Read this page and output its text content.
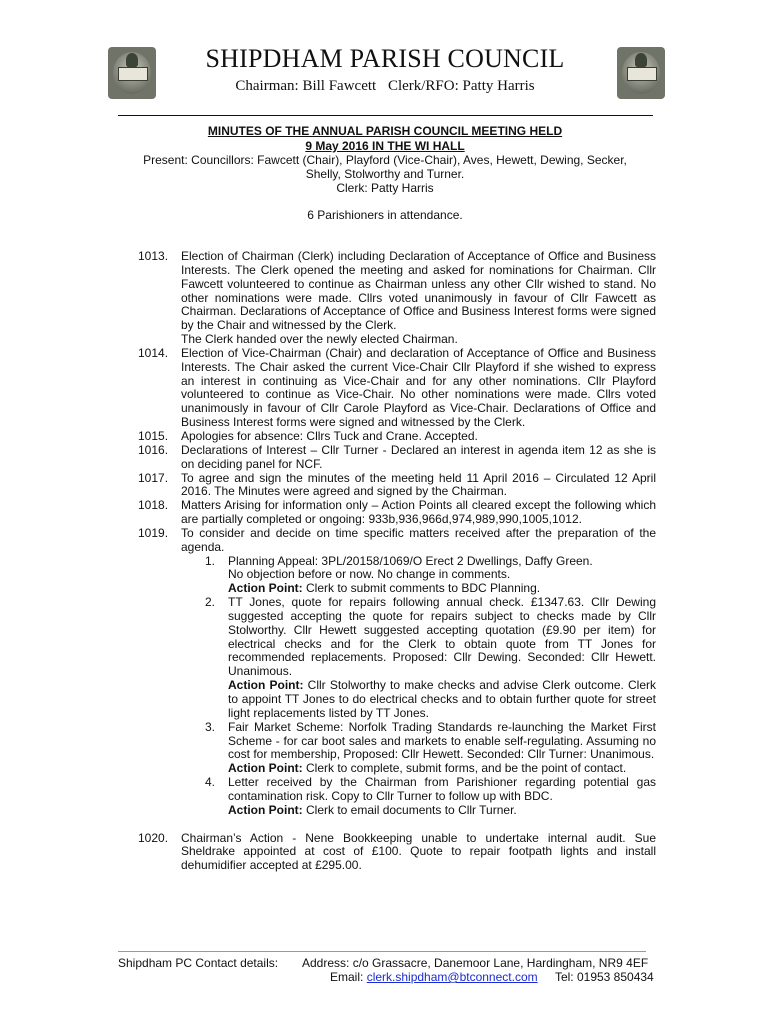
SHIPDHAM PARISH COUNCIL
Chairman: Bill Fawcett Clerk/RFO: Patty Harris
MINUTES OF THE ANNUAL PARISH COUNCIL MEETING HELD
9 May 2016 IN THE WI HALL
Present: Councillors: Fawcett (Chair), Playford (Vice-Chair), Aves, Hewett, Dewing, Secker,
Shelly, Stolworthy and Turner.
Clerk: Patty Harris
6 Parishioners in attendance.
1013. Election of Chairman (Clerk) including Declaration of Acceptance of Office and Business Interests. The Clerk opened the meeting and asked for nominations for Chairman. Cllr Fawcett volunteered to continue as Chairman unless any other Cllr wished to stand. No other nominations were made. Cllrs voted unanimously in favour of Cllr Fawcett as Chairman. Declarations of Acceptance of Office and Business Interest forms were signed by the Chair and witnessed by the Clerk.

The Clerk handed over the newly elected Chairman.

1014. Election of Vice-Chairman (Chair) and declaration of Acceptance of Office and Business Interests. The Chair asked the current Vice-Chair Cllr Playford if she wished to express an interest in continuing as Vice-Chair and for any other nominations. Cllr Playford volunteered to continue as Vice-Chair. No other nominations were made. Cllrs voted unanimously in favour of Cllr Carole Playford as Vice-Chair. Declarations of Office and Business Interest forms were signed and witnessed by the Clerk.

1015. Apologies for absence: Cllrs Tuck and Crane. Accepted.

1016. Declarations of Interest – Cllr Turner - Declared an interest in agenda item 12 as she is on deciding panel for NCF.

1017. To agree and sign the minutes of the meeting held 11 April 2016 – Circulated 12 April 2016. The Minutes were agreed and signed by the Chairman.

1018. Matters Arising for information only – Action Points all cleared except the following which are partially completed or ongoing: 933b,936,966d,974,989,990,1005,1012.

1019. To consider and decide on time specific matters received after the preparation of the agenda.

1. Planning Appeal: 3PL/20158/1069/O Erect 2 Dwellings, Daffy Green.

No objection before or now. No change in comments.

Action Point: Clerk to submit comments to BDC Planning.

2. TT Jones, quote for repairs following annual check. £1347.63. Cllr Dewing suggested accepting the quote for repairs subject to checks made by Cllr Stolworthy. Cllr Hewett suggested accepting quotation (£9.90 per item) for electrical checks and for the Clerk to obtain quote from TT Jones for recommended replacements. Proposed: Cllr Dewing. Seconded: Cllr Hewett. Unanimous.

Action Point: Cllr Stolworthy to make checks and advise Clerk outcome. Clerk to appoint TT Jones to do electrical checks and to obtain further quote for street light replacements listed by TT Jones.

3. Fair Market Scheme: Norfolk Trading Standards re-launching the Market First Scheme - for car boot sales and markets to enable self-regulating. Assuming no cost for membership, Proposed: Cllr Hewett. Seconded: Cllr Turner: Unanimous.

Action Point: Clerk to complete, submit forms, and be the point of contact.

4. Letter received by the Chairman from Parishioner regarding potential gas contamination risk. Copy to Cllr Turner to follow up with BDC.

Action Point: Clerk to email documents to Cllr Turner.

1020. Chairman’s Action - Nene Bookkeeping unable to undertake internal audit. Sue Sheldrake appointed at cost of £100. Quote to repair footpath lights and install dehumidifier accepted at £295.00.

Shipdham PC Contact details: Address: c/o Grassacre, Danemoor Lane, Hardingham, NR9 4EF
Email: clerk.shipdham@btconnect.com Tel: 01953 850434
